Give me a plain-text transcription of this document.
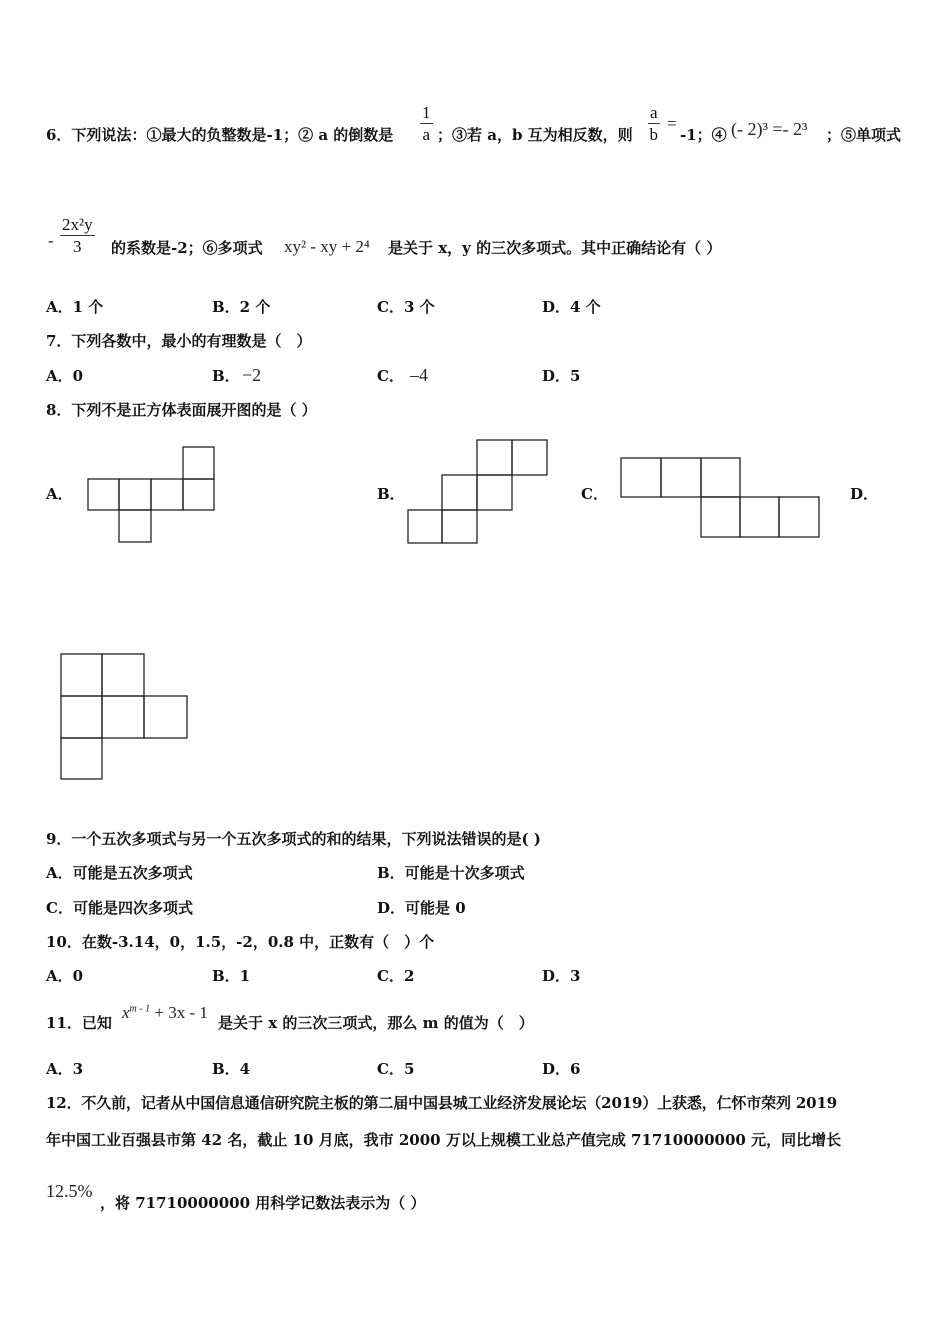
6．下列说法：①最大的负整数是-1；② a 的倒数是 $\frac{1}{a}$ ；③若 a，b 互为相反数，则 $\frac{a}{b}$ =
-1；④ (- 2)³ =- 2³ ；⑤单项式
- $\frac{\text{2x²y}}{3}$ 的系数是-2；⑥多项式 xy² - xy + 2⁴ 是关于 x，y 的三次多项式。其中正确结论有（ ）
A．1 个	B．2 个	C．3 个	D．4 个
7．下列各数中，最小的有理数是（　）
A．0	B． −2	C． –4	D．5
8．下列不是正方体表面展开图的是（ ）
A．	B．	C．	D．
9．一个五次多项式与另一个五次多项式的和的结果，下列说法错误的是( )
A．可能是五次多项式	B．可能是十次多项式
C．可能是四次多项式	D．可能是 0
10．在数-3.14，0，1.5，-2，0.8 中，正数有（　）个
A．0	B．1	C．2	D．3
11．已知
$x^{m - 1} + 3x - 1$
是关于 x 的三次三项式，那么 m 的值为（　）
A．3	B．4	C．5	D．6
12．不久前，记者从中国信息通信研究院主板的第二届中国县城工业经济发展论坛（2019）上获悉，仁怀市荣列 2019
年中国工业百强县市第 42 名，截止 10 月底，我市 2000 万以上规模工业总产值完成 71710000000 元，同比增长
12.5%
，将 71710000000 用科学记数法表示为（ ）
